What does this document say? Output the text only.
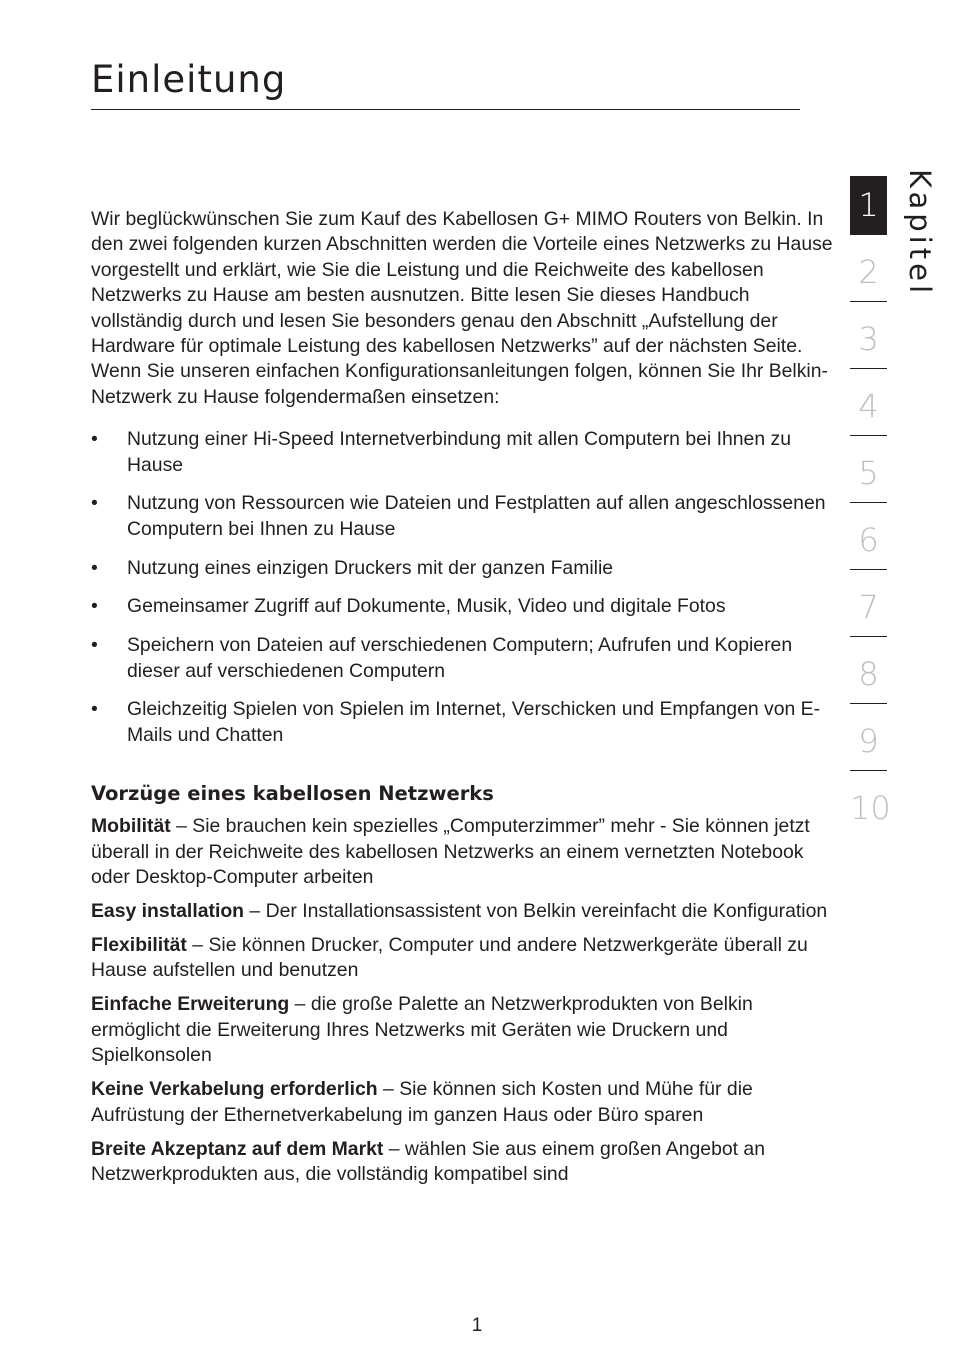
Einleitung
Kapitel
1
2
3
4
5
6
7
8
9
10

Wir beglückwünschen Sie zum Kauf des Kabellosen G+ MIMO Routers von Belkin. In den zwei folgenden kurzen Abschnitten werden die Vorteile eines Netzwerks zu Hause vorgestellt und erklärt, wie Sie die Leistung und die Reichweite des kabellosen Netzwerks zu Hause am besten ausnutzen. Bitte lesen Sie dieses Handbuch vollständig durch und lesen Sie besonders genau den Abschnitt „Aufstellung der Hardware für optimale Leistung des kabellosen Netzwerks” auf der nächsten Seite. Wenn Sie unseren einfachen Konfigurationsanleitungen folgen, können Sie Ihr Belkin-Netzwerk zu Hause folgendermaßen einsetzen:

• Nutzung einer Hi-Speed Internetverbindung mit allen Computern bei Ihnen zu Hause
• Nutzung von Ressourcen wie Dateien und Festplatten auf allen angeschlossenen Computern bei Ihnen zu Hause
• Nutzung eines einzigen Druckers mit der ganzen Familie
• Gemeinsamer Zugriff auf Dokumente, Musik, Video und digitale Fotos
• Speichern von Dateien auf verschiedenen Computern; Aufrufen und Kopieren dieser auf verschiedenen Computern
• Gleichzeitig Spielen von Spielen im Internet, Verschicken und Empfangen von E-Mails und Chatten
Vorzüge eines kabellosen Netzwerks

Mobilität – Sie brauchen kein spezielles „Computerzimmer” mehr - Sie können jetzt überall in der Reichweite des kabellosen Netzwerks an einem vernetzten Notebook oder Desktop-Computer arbeiten

Easy installation – Der Installationsassistent von Belkin vereinfacht die Konfiguration

Flexibilität – Sie können Drucker, Computer und andere Netzwerkgeräte überall zu Hause aufstellen und benutzen

Einfache Erweiterung – die große Palette an Netzwerkprodukten von Belkin ermöglicht die Erweiterung Ihres Netzwerks mit Geräten wie Druckern und Spielkonsolen

Keine Verkabelung erforderlich – Sie können sich Kosten und Mühe für die Aufrüstung der Ethernetverkabelung im ganzen Haus oder Büro sparen

Breite Akzeptanz auf dem Markt – wählen Sie aus einem großen Angebot an Netzwerkprodukten aus, die vollständig kompatibel sind

1
